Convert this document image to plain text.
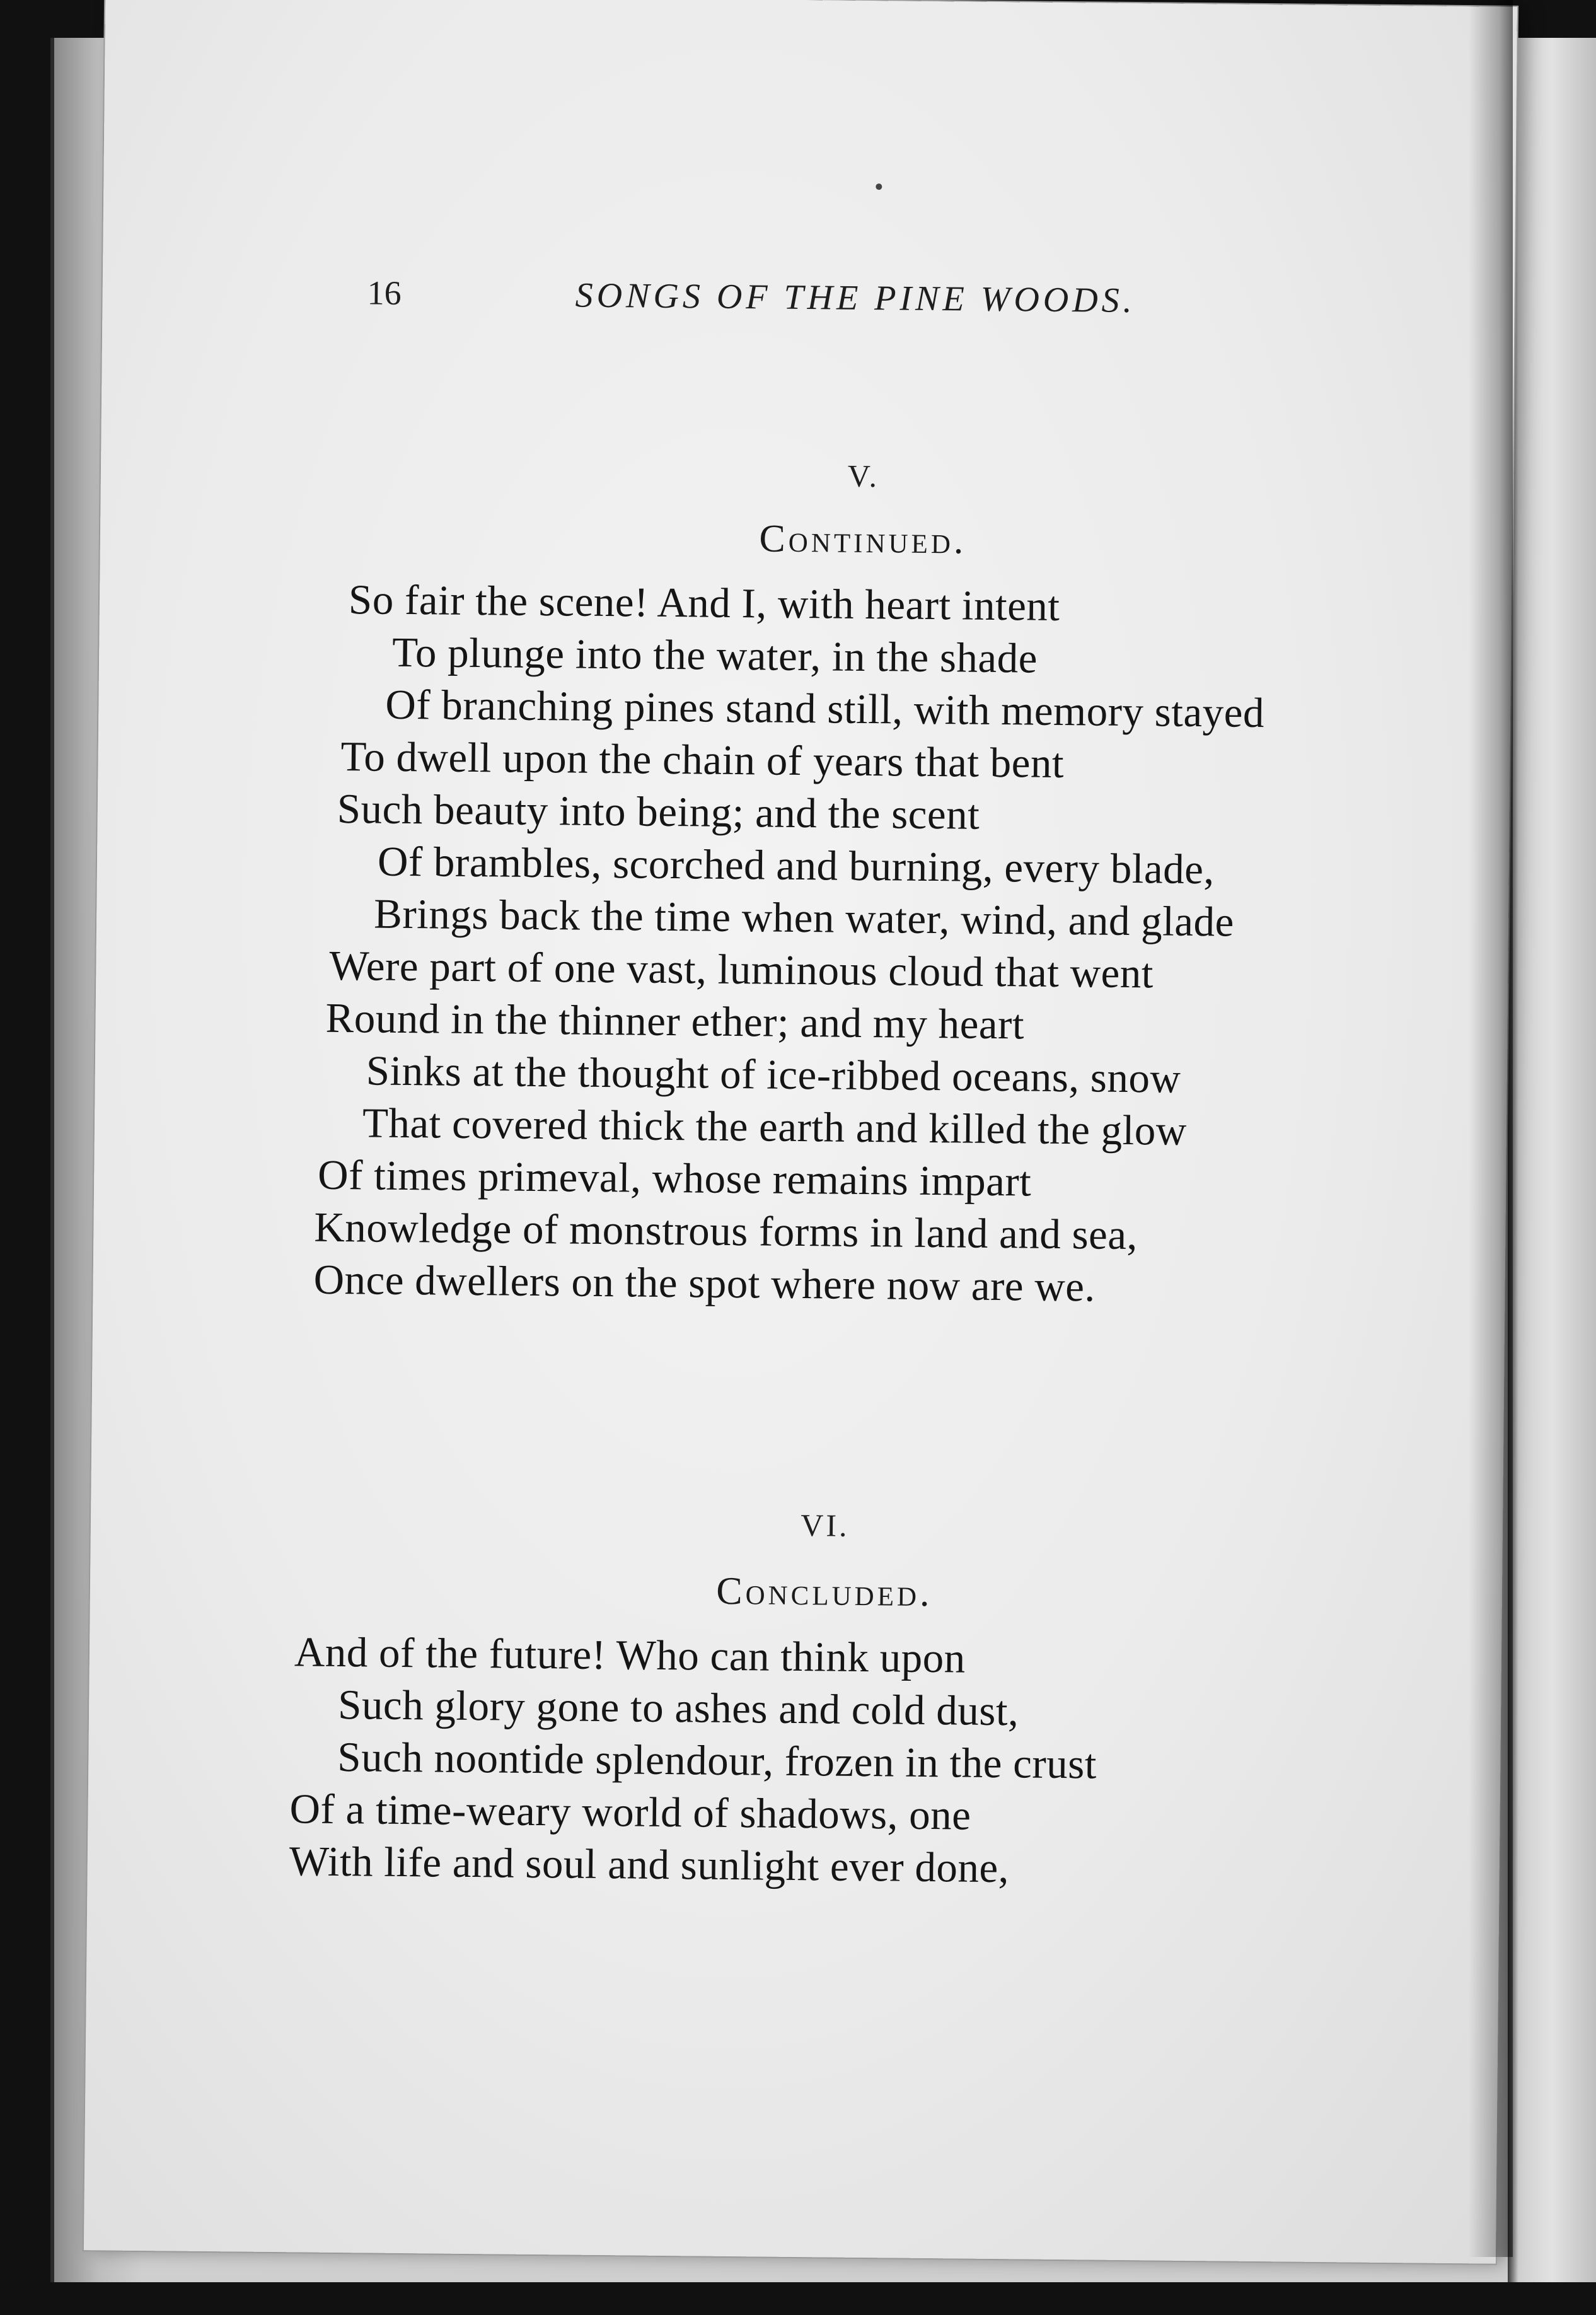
16	SONGS OF THE PINE WOODS.
V.
Continued.
So fair the scene! And I, with heart intent
To plunge into the water, in the shade
Of branching pines stand still, with memory stayed
To dwell upon the chain of years that bent
Such beauty into being; and the scent
Of brambles, scorched and burning, every blade,
Brings back the time when water, wind, and glade
Were part of one vast, luminous cloud that went
Round in the thinner ether; and my heart
Sinks at the thought of ice-ribbed oceans, snow
That covered thick the earth and killed the glow
Of times primeval, whose remains impart
Knowledge of monstrous forms in land and sea,
Once dwellers on the spot where now are we.
VI.
Concluded.
And of the future! Who can think upon
Such glory gone to ashes and cold dust,
Such noontide splendour, frozen in the crust
Of a time-weary world of shadows, one
With life and soul and sunlight ever done,
